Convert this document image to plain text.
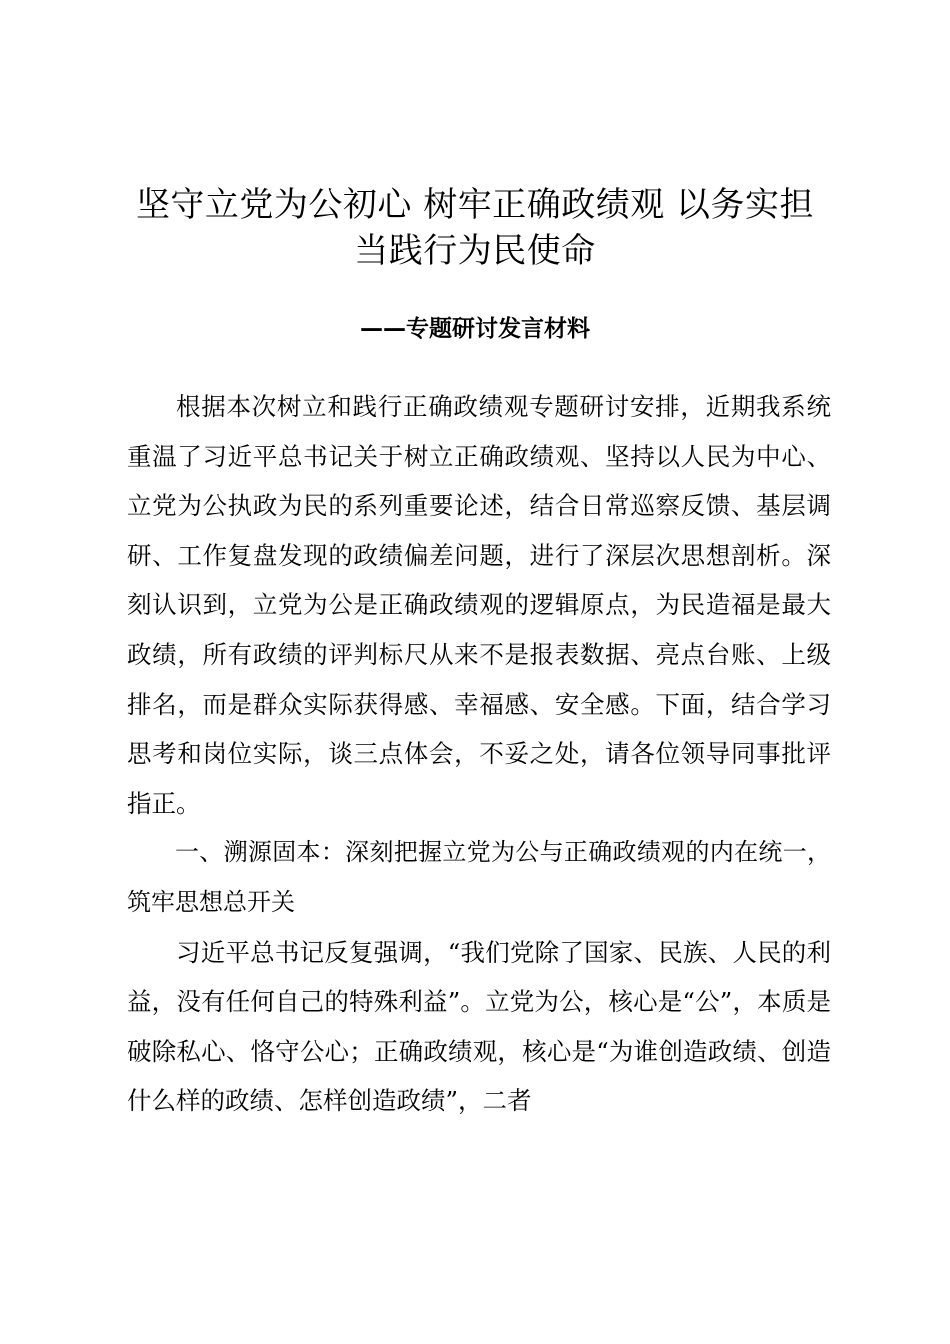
坚守立党为公初心 树牢正确政绩观 以务实担当践行为民使命
——专题研讨发言材料

根据本次树立和践行正确政绩观专题研讨安排，近期我系统重温了习近平总书记关于树立正确政绩观、坚持以人民为中心、立党为公执政为民的系列重要论述，结合日常巡察反馈、基层调研、工作复盘发现的政绩偏差问题，进行了深层次思想剖析。深刻认识到，立党为公是正确政绩观的逻辑原点，为民造福是最大政绩，所有政绩的评判标尺从来不是报表数据、亮点台账、上级排名，而是群众实际获得感、幸福感、安全感。下面，结合学习思考和岗位实际，谈三点体会，不妥之处，请各位领导同事批评指正。

一、溯源固本：深刻把握立党为公与正确政绩观的内在统一，筑牢思想总开关

习近平总书记反复强调，“我们党除了国家、民族、人民的利益，没有任何自己的特殊利益”。立党为公，核心是“公”，本质是破除私心、恪守公心；正确政绩观，核心是“为谁创造政绩、创造什么样的政绩、怎样创造政绩”，二者
